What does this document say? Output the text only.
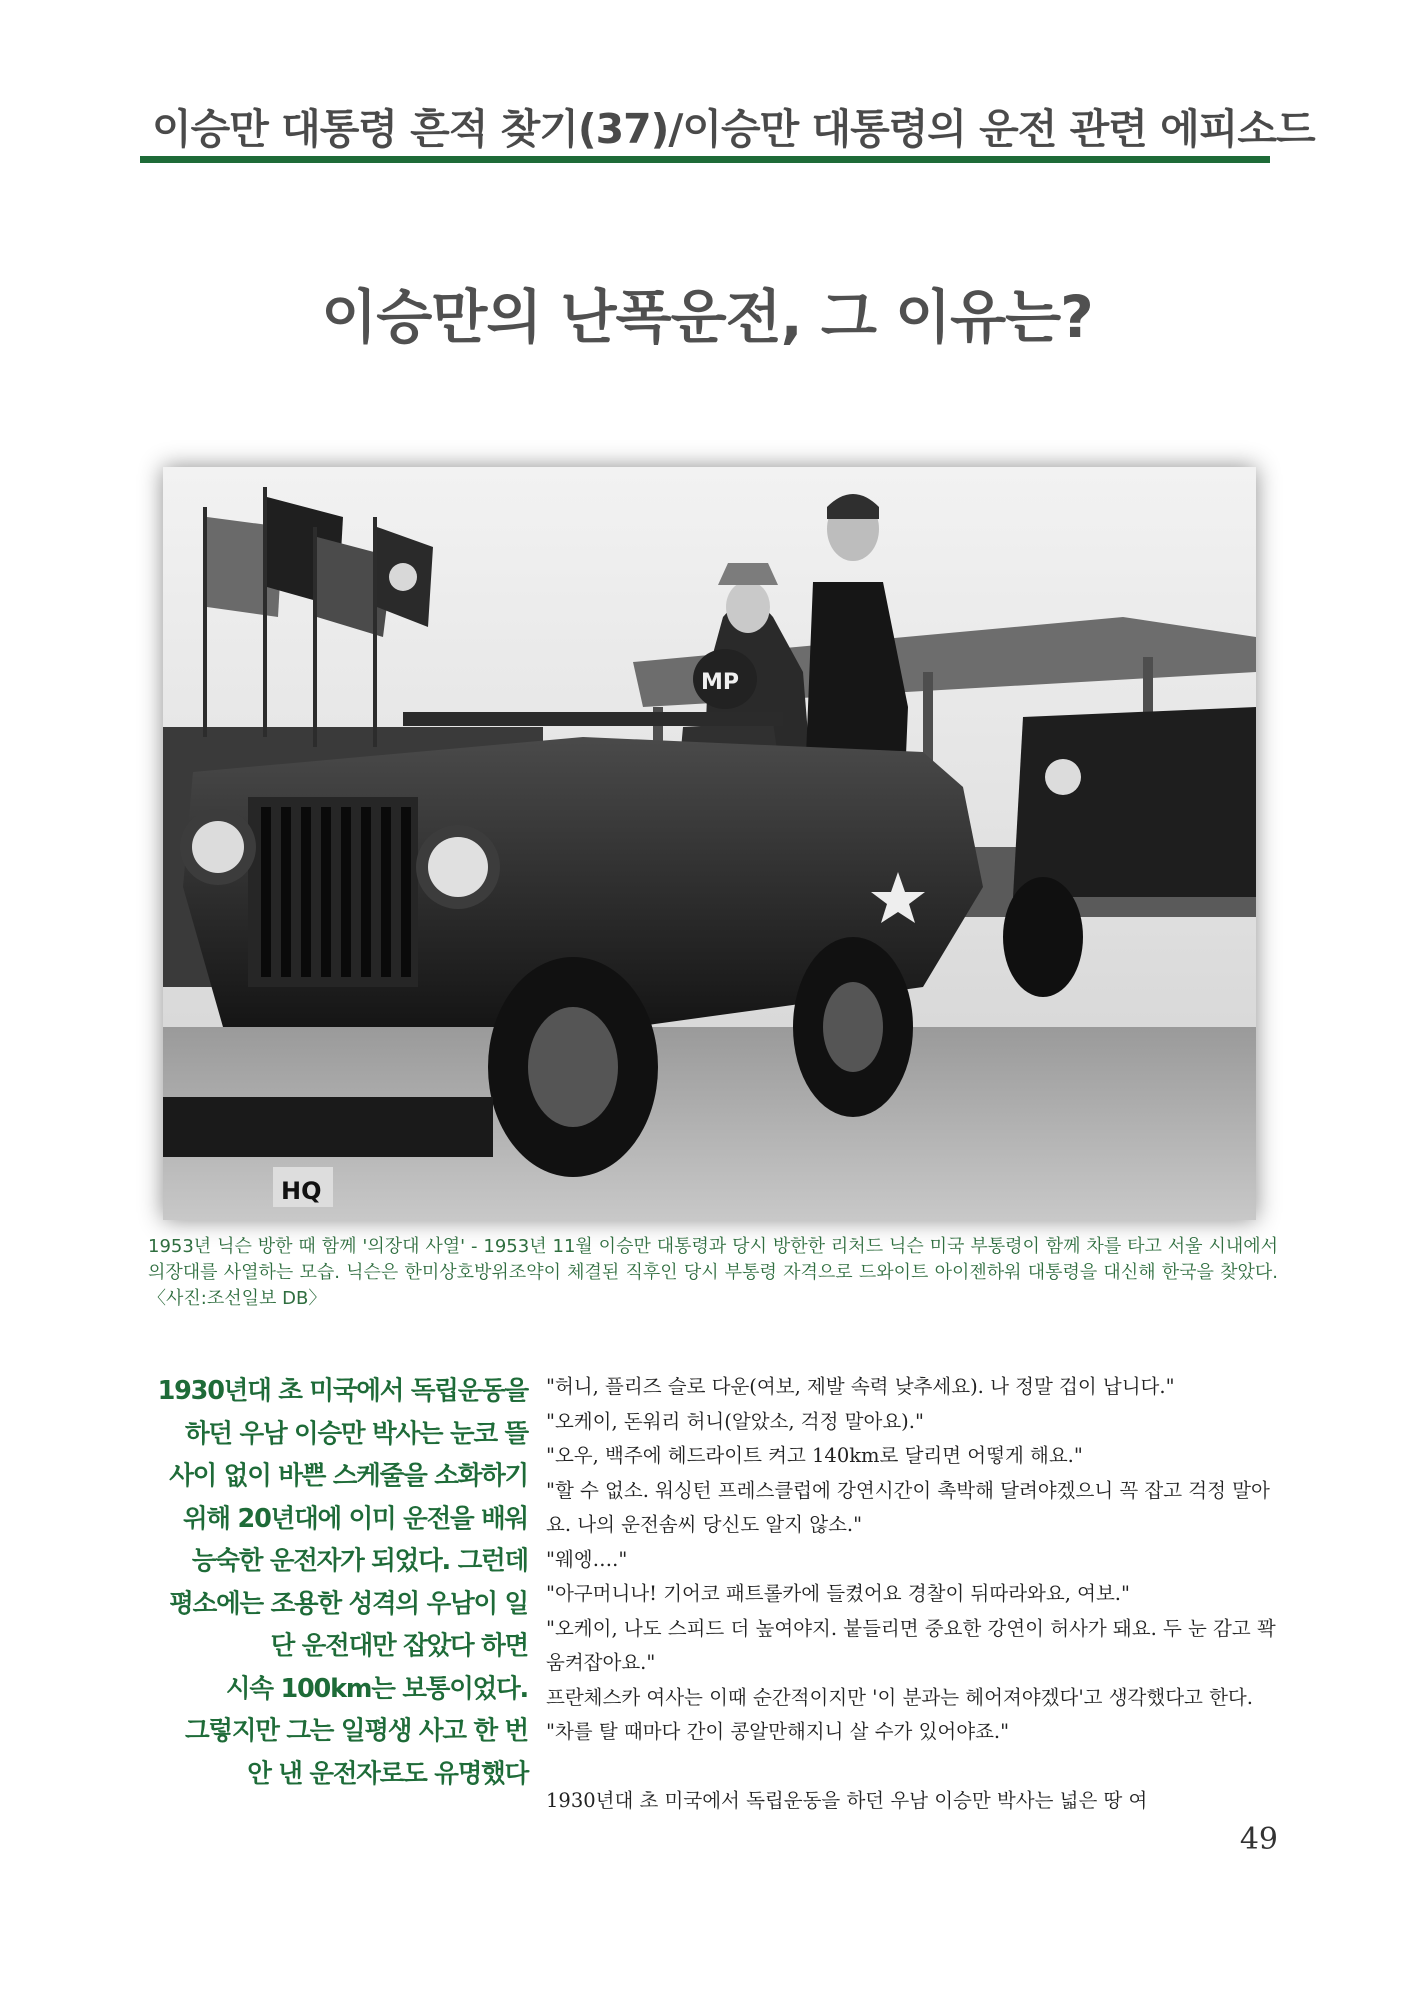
이승만 대통령 흔적 찾기(37)/이승만 대통령의 운전 관련 에피소드
이승만의 난폭운전, 그 이유는?
MP
HQ
1953년 닉슨 방한 때 함께 '의장대 사열' - 1953년 11월 이승만 대통령과 당시 방한한 리처드 닉슨 미국 부통령이 함께 차를 타고 서울 시내에서 의장대를 사열하는 모습. 닉슨은 한미상호방위조약이 체결된 직후인 당시 부통령 자격으로 드와이트 아이젠하워 대통령을 대신해 한국을 찾았다. 〈사진:조선일보 DB〉
1930년대 초 미국에서 독립운동을
하던 우남 이승만 박사는 눈코 뜰
사이 없이 바쁜 스케줄을 소화하기
위해 20년대에 이미 운전을 배워
능숙한 운전자가 되었다. 그런데
평소에는 조용한 성격의 우남이 일
단 운전대만 잡았다 하면
시속 100km는 보통이었다.
그렇지만 그는 일평생 사고 한 번
안 낸 운전자로도 유명했다

"허니, 플리즈 슬로 다운(여보, 제발 속력 낮추세요). 나 정말 겁이 납니다."

"오케이, 돈워리 허니(알았소, 걱정 말아요)."

"오우, 백주에 헤드라이트 켜고 140km로 달리면 어떻게 해요."

"할 수 없소. 워싱턴 프레스클럽에 강연시간이 촉박해 달려야겠으니 꼭 잡고 걱정 말아요. 나의 운전솜씨 당신도 알지 않소."

"웨엥…."

"아구머니나! 기어코 패트롤카에 들켰어요 경찰이 뒤따라와요, 여보."

"오케이, 나도 스피드 더 높여야지. 붙들리면 중요한 강연이 허사가 돼요. 두 눈 감고 꽉 움켜잡아요."

프란체스카 여사는 이때 순간적이지만 '이 분과는 헤어져야겠다'고 생각했다고 한다. "차를 탈 때마다 간이 콩알만해지니 살 수가 있어야죠."

1930년대 초 미국에서 독립운동을 하던 우남 이승만 박사는 넓은 땅 여

49
